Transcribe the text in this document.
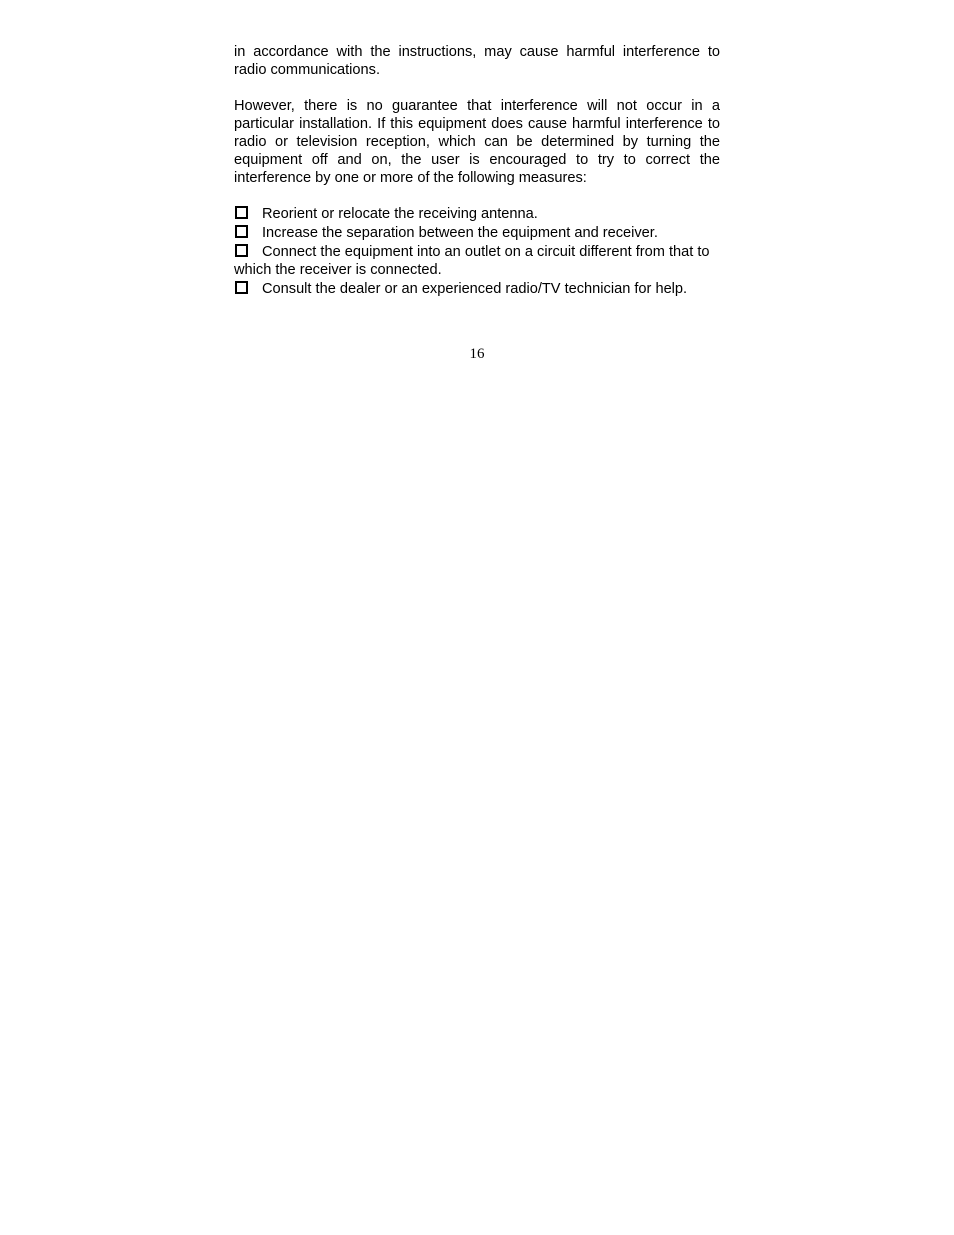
in accordance with the instructions, may cause harmful interference to radio communications.

However, there is no guarantee that interference will not occur in a particular installation. If this equipment does cause harmful interference to radio or television reception, which can be determined by turning the equipment off and on, the user is encouraged to try to correct the interference by one or more of the following measures:

Reorient or relocate the receiving antenna.
Increase the separation between the equipment and receiver.
Connect the equipment into an outlet on a circuit different from that to which the receiver is connected.
Consult the dealer or an experienced radio/TV technician for help.
16
